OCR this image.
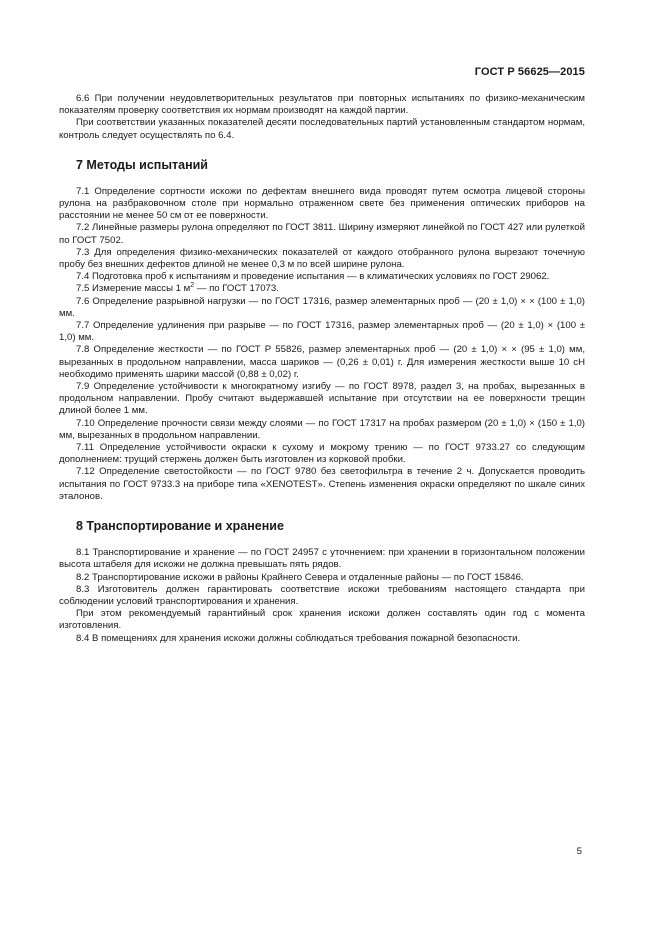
ГОСТ Р 56625—2015

6.6 При получении неудовлетворительных результатов при повторных испытаниях по физико-механическим показателям проверку соответствия их нормам производят на каждой партии.

При соответствии указанных показателей десяти последовательных партий установленным стандартом нормам, контроль следует осуществлять по 6.4.

7 Методы испытаний

7.1 Определение сортности искожи по дефектам внешнего вида проводят путем осмотра лицевой стороны рулона на разбраковочном столе при нормально отраженном свете без применения оптических приборов на расстоянии не менее 50 см от ее поверхности.

7.2 Линейные размеры рулона определяют по ГОСТ 3811. Ширину измеряют линейкой по ГОСТ 427 или рулеткой по ГОСТ 7502.

7.3 Для определения физико-механических показателей от каждого отобранного рулона вырезают точечную пробу без внешних дефектов длиной не менее 0,3 м по всей ширине рулона.

7.4 Подготовка проб к испытаниям и проведение испытания — в климатических условиях по ГОСТ 29062.

7.5 Измерение массы 1 $м^2$ — по ГОСТ 17073.

7.6 Определение разрывной нагрузки — по ГОСТ 17316, размер элементарных проб — (20 ± 1,0) × × (100 ± 1,0) мм.

7.7 Определение удлинения при разрыве — по ГОСТ 17316, размер элементарных проб — (20 ± 1,0) × (100 ± 1,0) мм.

7.8 Определение жесткости — по ГОСТ Р 55826, размер элементарных проб — (20 ± 1,0) × × (95 ± 1,0) мм, вырезанных в продольном направлении, масса шариков — (0,26 ± 0,01) г. Для измерения жесткости выше 10 сН необходимо применять шарики массой (0,88 ± 0,02) г.

7.9 Определение устойчивости к многократному изгибу — по ГОСТ 8978, раздел 3, на пробах, вырезанных в продольном направлении. Пробу считают выдержавшей испытание при отсутствии на ее поверхности трещин длиной более 1 мм.

7.10 Определение прочности связи между слоями — по ГОСТ 17317 на пробах размером (20 ± 1,0) × (150 ± 1,0) мм, вырезанных в продольном направлении.

7.11 Определение устойчивости окраски к сухому и мокрому трению — по ГОСТ 9733.27 со следующим дополнением: трущий стержень должен быть изготовлен из корковой пробки.

7.12 Определение светостойкости — по ГОСТ 9780 без светофильтра в течение 2 ч. Допускается проводить испытания по ГОСТ 9733.3 на приборе типа «XENOTEST». Степень изменения окраски определяют по шкале синих эталонов.

8 Транспортирование и хранение

8.1 Транспортирование и хранение — по ГОСТ 24957 с уточнением: при хранении в горизонтальном положении высота штабеля для искожи не должна превышать пять рядов.

8.2 Транспортирование искожи в районы Крайнего Севера и отдаленные районы — по ГОСТ 15846.

8.3 Изготовитель должен гарантировать соответствие искожи требованиям настоящего стандарта при соблюдении условий транспортирования и хранения.

При этом рекомендуемый гарантийный срок хранения искожи должен составлять один год с момента изготовления.

8.4 В помещениях для хранения искожи должны соблюдаться требования пожарной безопасности.

5
